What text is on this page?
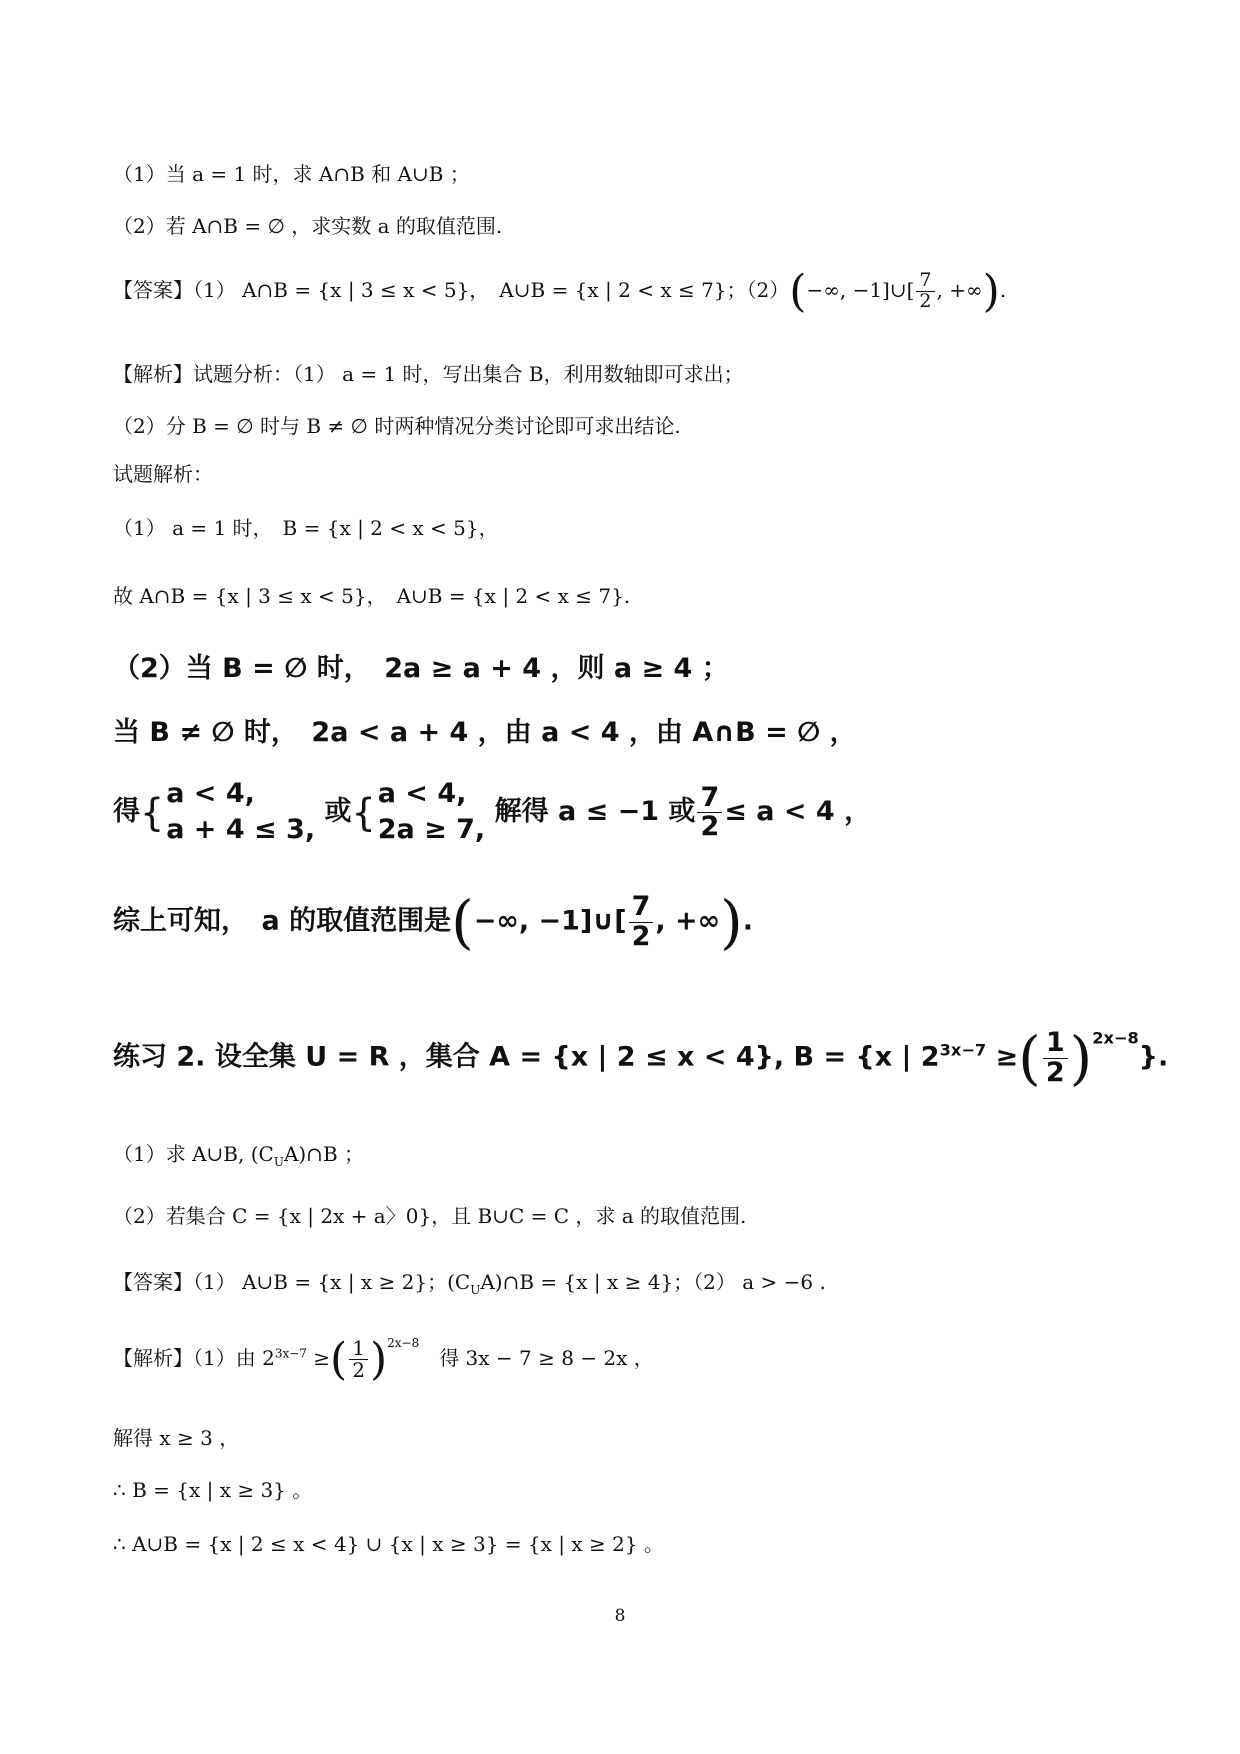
（1）当 a = 1 时，求 A∩B 和 A∪B ；
（2）若 A∩B = ∅ ，求实数 a 的取值范围.
【答案】（1） A∩B = {x | 3 ≤ x < 5}，　A∪B = {x | 2 < x ≤ 7}；（2）(−∞, −1]∪[ $\frac{7}{2}$ , +∞).
【解析】试题分析：（1） a = 1 时，写出集合 B，利用数轴即可求出；
（2）分 B = ∅ 时与 B ≠ ∅ 时两种情况分类讨论即可求出结论.
试题解析：
（1） a = 1 时，　B = {x | 2 < x < 5}，
故 A∩B = {x | 3 ≤ x < 5}，　A∪B = {x | 2 < x ≤ 7}.
（2）当 B = ∅ 时，　2a ≥ a + 4 ，则 a ≥ 4 ；
当 B ≠ ∅ 时，　2a < a + 4 ，由 a < 4 ，由 A∩B = ∅ ，
得{ a < 4,
a + 4 ≤ 3,
或{ a < 4,
2a ≥ 7,
解得 a ≤ −1 或 $\frac{7}{2} \le a < 4$ ，
综上可知，　a 的取值范围是(−∞, −1]∪[ $\frac{7}{2}$ , +∞).
练习 2. 设全集 U = R ，集合 A = {x | 2 ≤ x < 4}, B = {x | $2^{3x-7}$ ≥( $\frac{1}{2} )^{2x-8}$}.
（1）求 A∪B, $(C_UA)\cap B$ ；
（2）若集合 C = {x | 2x + a〉0}，且 B∪C = C ，求 a 的取值范围.
【答案】（1） A∪B = {x | x ≥ 2}；$(C_UA)\cap B = \{x$ | x ≥ 4}；（2） a > −6 .
【解析】（1）由 $2^{3x-7}$ ≥( $\frac{1}{2} )^{2x-8}$　得 3x − 7 ≥ 8 − 2x ，
解得 x ≥ 3 ，
∴ B = {x | x ≥ 3} 。
∴ A∪B = {x | 2 ≤ x < 4} ∪ {x | x ≥ 3} = {x | x ≥ 2} 。
8
